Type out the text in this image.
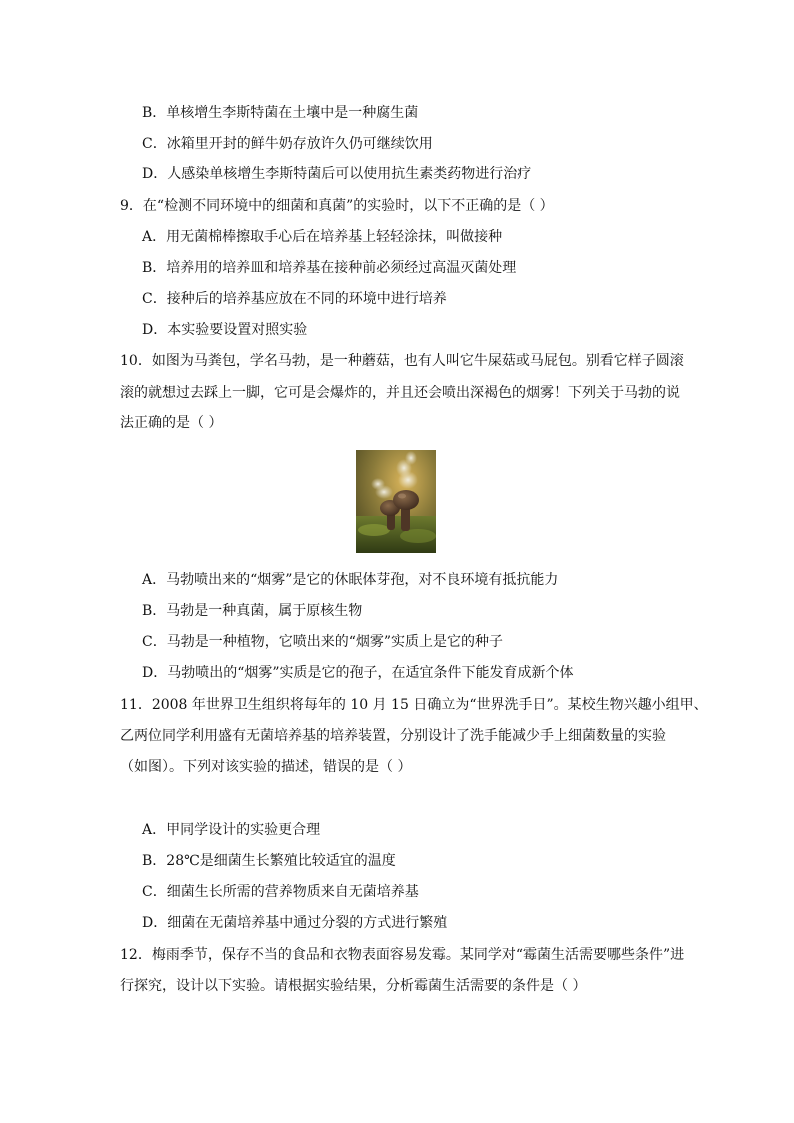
B．单核增生李斯特菌在土壤中是一种腐生菌
C．冰箱里开封的鲜牛奶存放许久仍可继续饮用
D．人感染单核增生李斯特菌后可以使用抗生素类药物进行治疗
9．在“检测不同环境中的细菌和真菌”的实验时，以下不正确的是（ ）
A．用无菌棉棒擦取手心后在培养基上轻轻涂抹，叫做接种
B．培养用的培养皿和培养基在接种前必须经过高温灭菌处理
C．接种后的培养基应放在不同的环境中进行培养
D．本实验要设置对照实验
10．如图为马粪包，学名马勃，是一种蘑菇，也有人叫它牛屎菇或马屁包。别看它样子圆滚
滚的就想过去踩上一脚，它可是会爆炸的，并且还会喷出深褐色的烟雾！下列关于马勃的说
法正确的是（ ）
A．马勃喷出来的“烟雾”是它的休眠体芽孢，对不良环境有抵抗能力
B．马勃是一种真菌，属于原核生物
C．马勃是一种植物，它喷出来的“烟雾”实质上是它的种子
D．马勃喷出的“烟雾”实质是它的孢子，在适宜条件下能发育成新个体
11．2008 年世界卫生组织将每年的 10 月 15 日确立为“世界洗手日”。某校生物兴趣小组甲、
乙两位同学利用盛有无菌培养基的培养装置，分别设计了洗手能减少手上细菌数量的实验
（如图）。下列对该实验的描述，错误的是（ ）
A．甲同学设计的实验更合理
B．28℃是细菌生长繁殖比较适宜的温度
C．细菌生长所需的营养物质来自无菌培养基
D．细菌在无菌培养基中通过分裂的方式进行繁殖
12．梅雨季节，保存不当的食品和衣物表面容易发霉。某同学对“霉菌生活需要哪些条件”进
行探究，设计以下实验。请根据实验结果，分析霉菌生活需要的条件是（ ）
